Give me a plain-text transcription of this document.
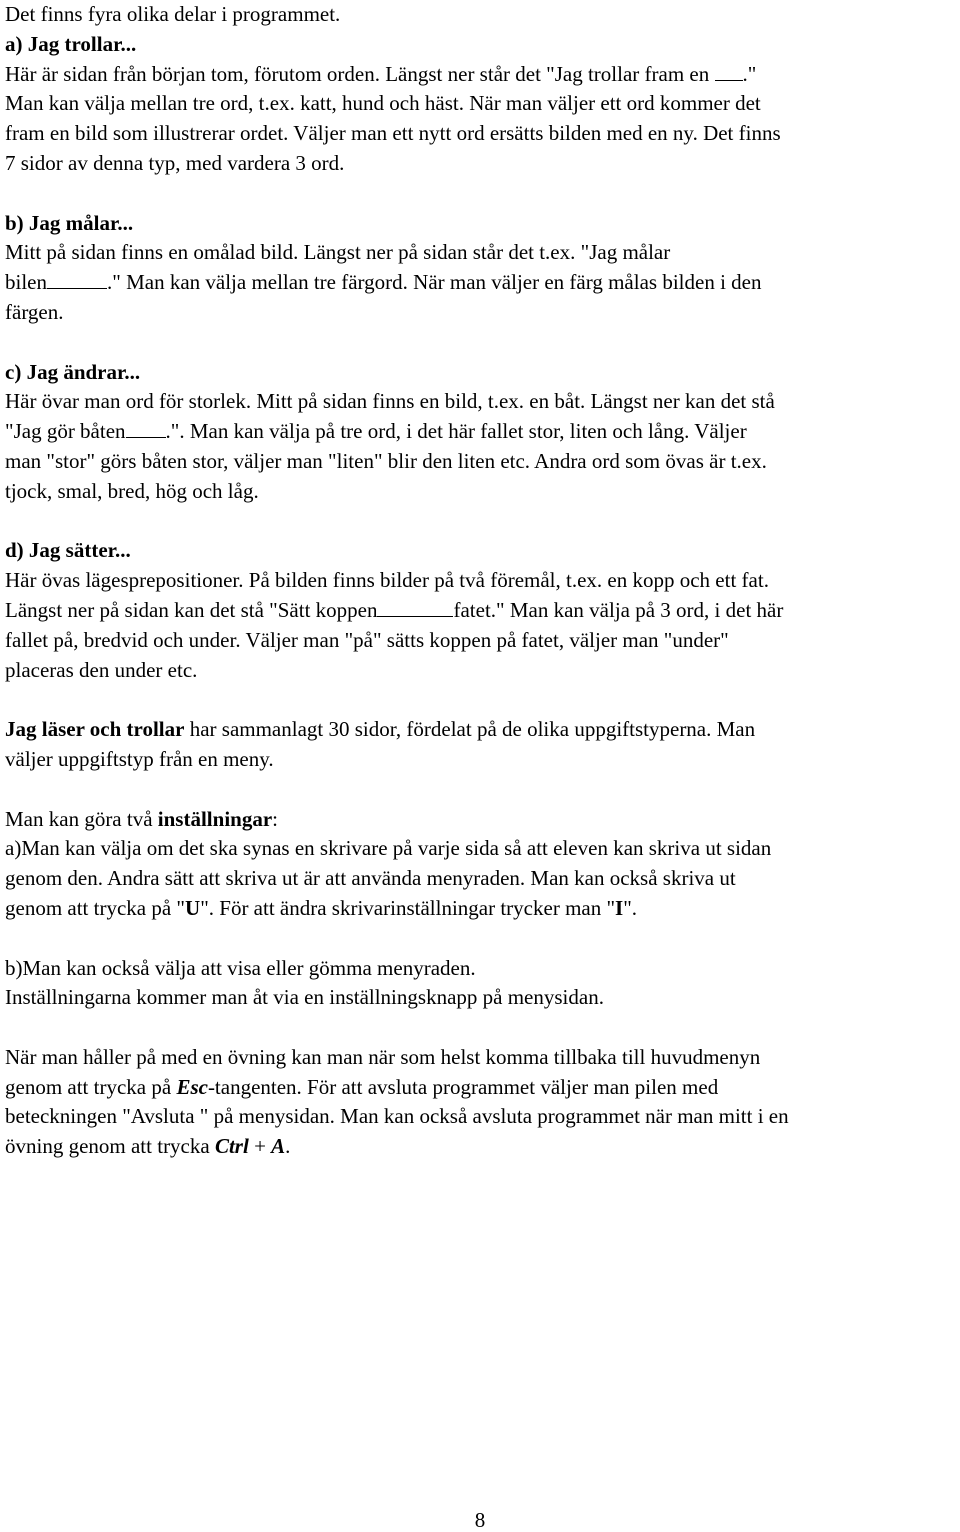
Det finns fyra olika delar i programmet.
a) Jag trollar...
Här är sidan från början tom, förutom orden. Längst ner står det "Jag trollar fram en ."
Man kan välja mellan tre ord, t.ex. katt, hund och häst. När man väljer ett ord kommer det
fram en bild som illustrerar ordet. Väljer man ett nytt ord ersätts bilden med en ny. Det finns
7 sidor av denna typ, med vardera 3 ord.
b) Jag målar...
Mitt på sidan finns en omålad bild. Längst ner på sidan står det t.ex. "Jag målar
bilen	." Man kan välja mellan tre färgord. När man väljer en färg målas bilden i den
färgen.
c) Jag ändrar...
Här övar man ord för storlek. Mitt på sidan finns en bild, t.ex. en båt. Längst ner kan det stå
"Jag gör båten .". Man kan välja på tre ord, i det här fallet stor, liten och lång. Väljer
man "stor" görs båten stor, väljer man "liten" blir den liten etc. Andra ord som övas är t.ex.
tjock, smal, bred, hög och låg.
d) Jag sätter...
Här övas lägesprepositioner. På bilden finns bilder på två föremål, t.ex. en kopp och ett fat.
Längst ner på sidan kan det stå "Sätt koppen	fatet." Man kan välja på 3 ord, i det här
fallet på, bredvid och under. Väljer man "på" sätts koppen på fatet, väljer man "under"
placeras den under etc.
Jag läser och trollar har sammanlagt 30 sidor, fördelat på de olika uppgiftstyperna. Man
väljer uppgiftstyp från en meny.
Man kan göra två inställningar:
a)Man kan välja om det ska synas en skrivare på varje sida så att eleven kan skriva ut sidan
genom den. Andra sätt att skriva ut är att använda menyraden. Man kan också skriva ut
genom att trycka på "U". För att ändra skrivarinställningar trycker man "I".
b)Man kan också välja att visa eller gömma menyraden.
Inställningarna kommer man åt via en inställningsknapp på menysidan.
När man håller på med en övning kan man när som helst komma tillbaka till huvudmenyn
genom att trycka på Esc-tangenten. För att avsluta programmet väljer man pilen med
beteckningen "Avsluta " på menysidan. Man kan också avsluta programmet när man mitt i en
övning genom att trycka Ctrl + A.
8
